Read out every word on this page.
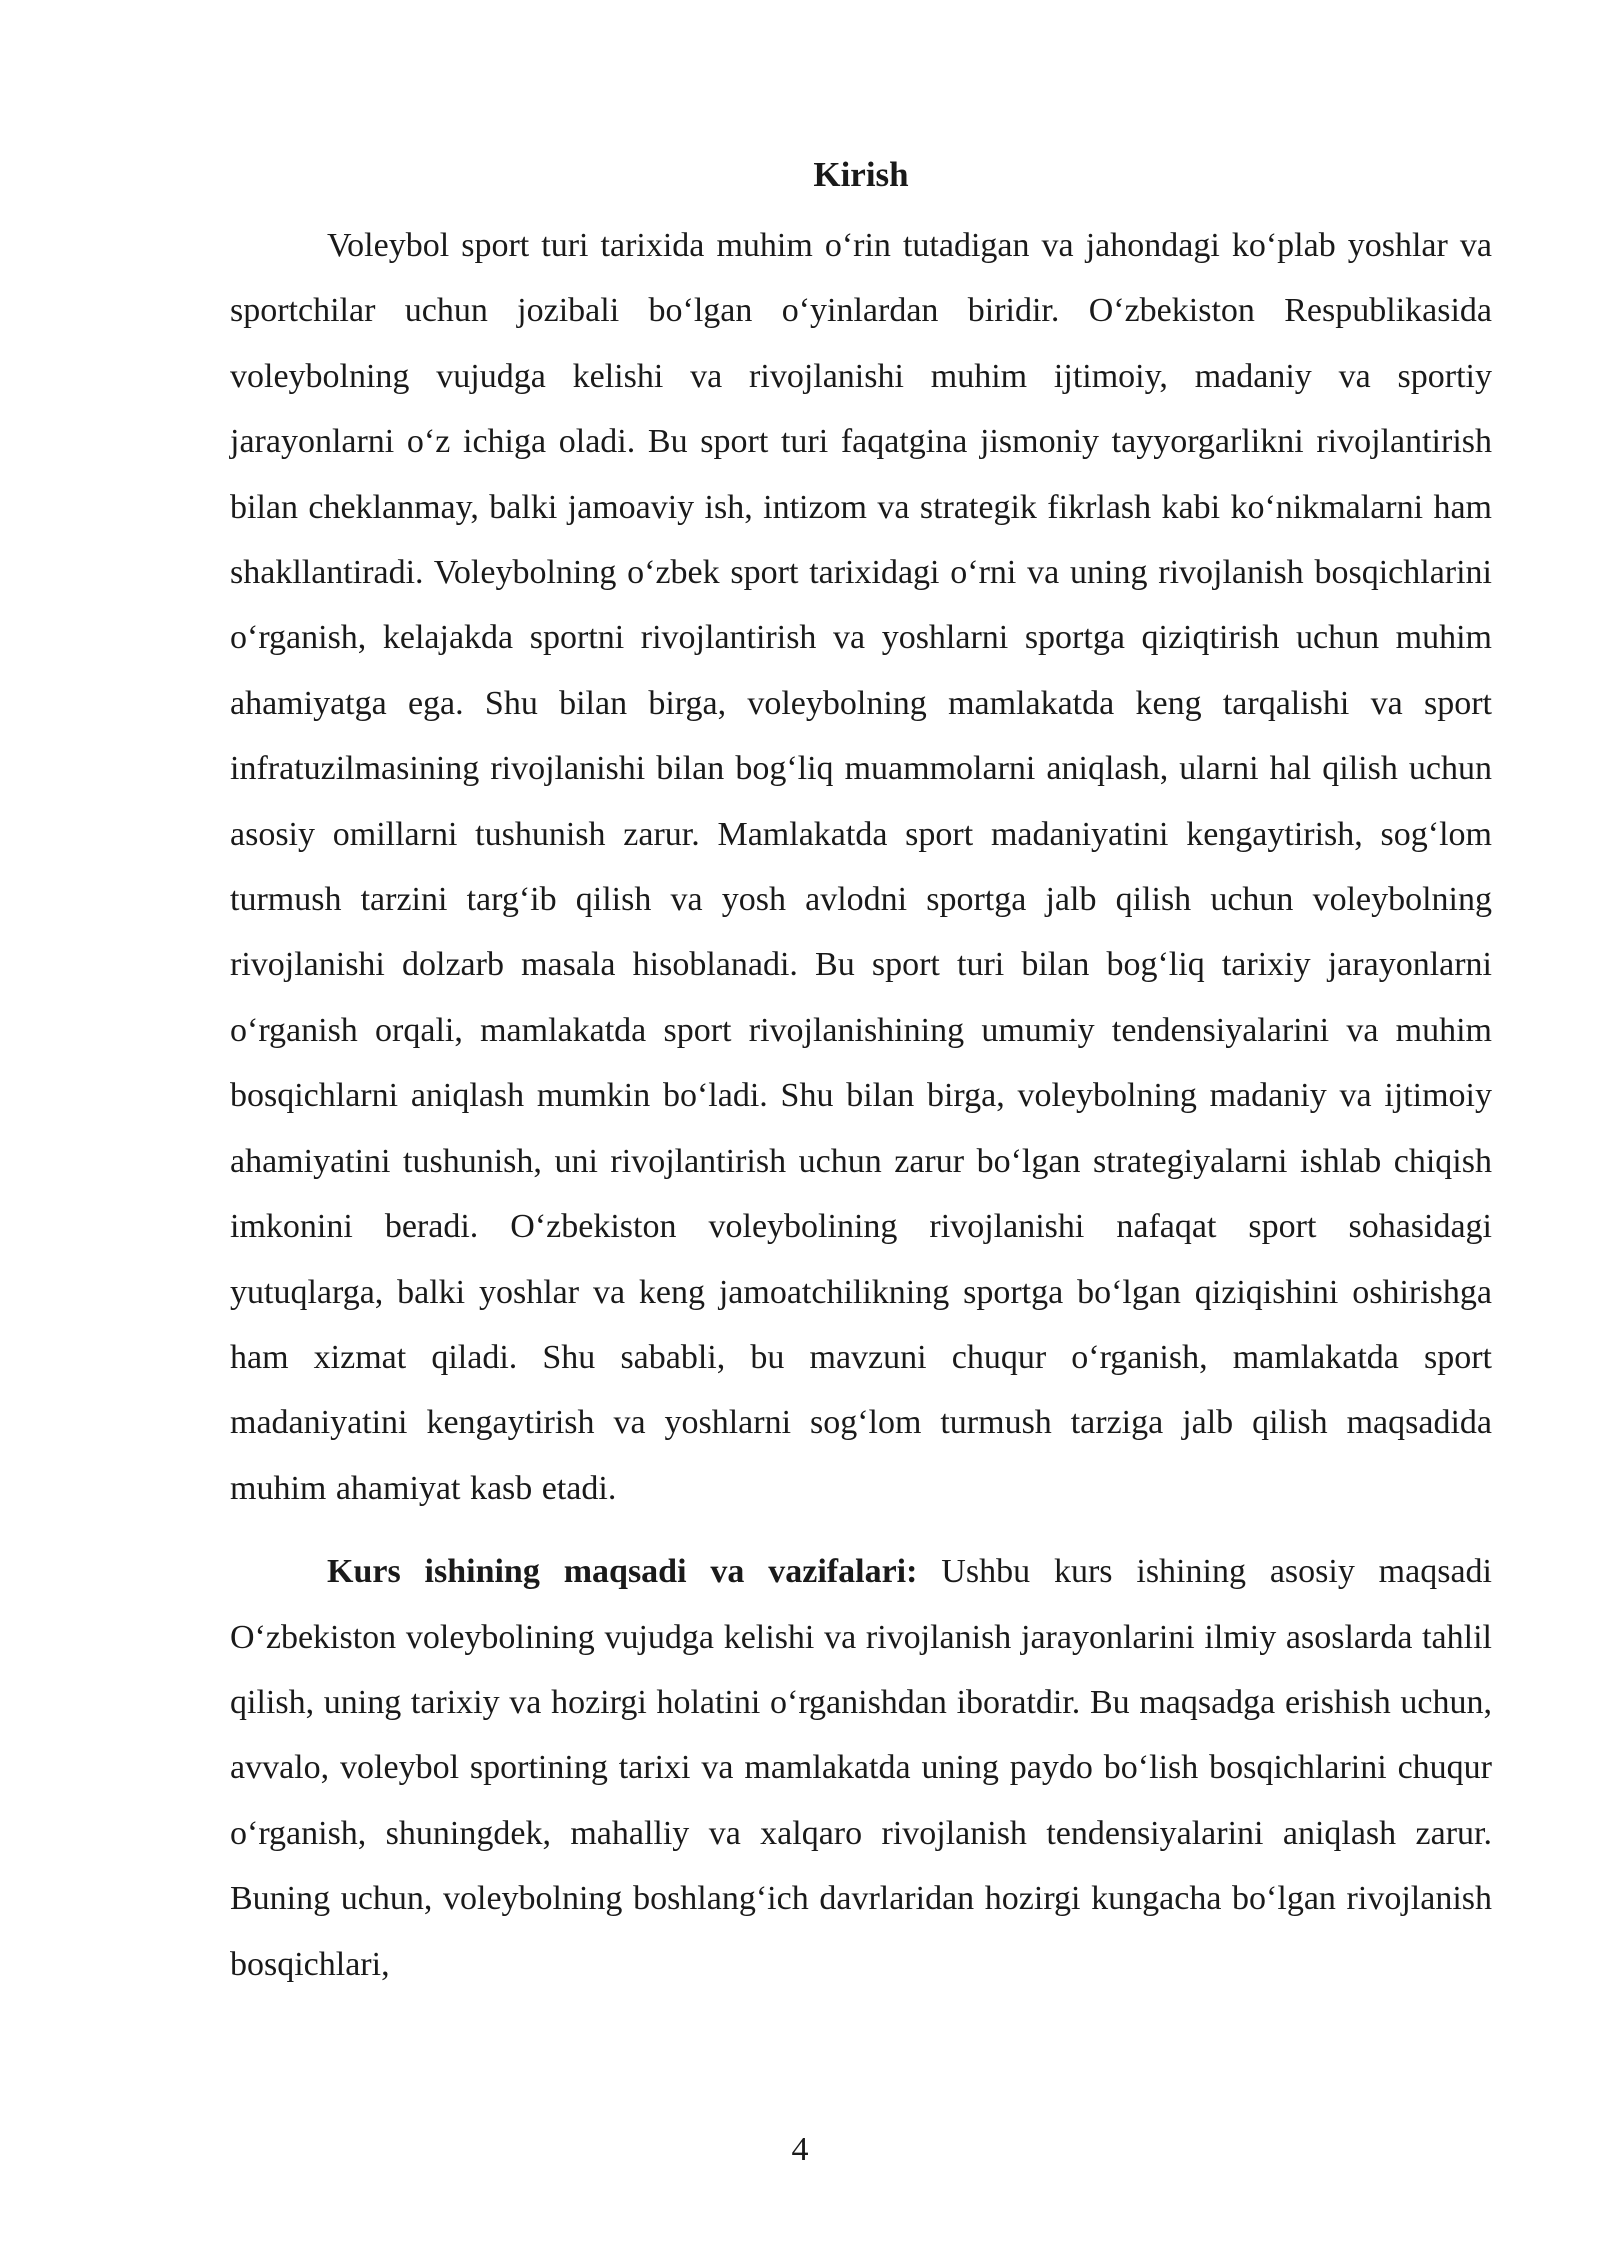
Kirish

Voleybol sport turi tarixida muhim o‘rin tutadigan va jahondagi ko‘plab yoshlar va sportchilar uchun jozibali bo‘lgan o‘yinlardan biridir. O‘zbekiston Respublikasida voleybolning vujudga kelishi va rivojlanishi muhim ijtimoiy, madaniy va sportiy jarayonlarni o‘z ichiga oladi. Bu sport turi faqatgina jismoniy tayyorgarlikni rivojlantirish bilan cheklanmay, balki jamoaviy ish, intizom va strategik fikrlash kabi ko‘nikmalarni ham shakllantiradi. Voleybolning o‘zbek sport tarixidagi o‘rni va uning rivojlanish bosqichlarini o‘rganish, kelajakda sportni rivojlantirish va yoshlarni sportga qiziqtirish uchun muhim ahamiyatga ega. Shu bilan birga, voleybolning mamlakatda keng tarqalishi va sport infratuzilmasining rivojlanishi bilan bog‘liq muammolarni aniqlash, ularni hal qilish uchun asosiy omillarni tushunish zarur. Mamlakatda sport madaniyatini kengaytirish, sog‘lom turmush tarzini targ‘ib qilish va yosh avlodni sportga jalb qilish uchun voleybolning rivojlanishi dolzarb masala hisoblanadi. Bu sport turi bilan bog‘liq tarixiy jarayonlarni o‘rganish orqali, mamlakatda sport rivojlanishining umumiy tendensiyalarini va muhim bosqichlarni aniqlash mumkin bo‘ladi. Shu bilan birga, voleybolning madaniy va ijtimoiy ahamiyatini tushunish, uni rivojlantirish uchun zarur bo‘lgan strategiyalarni ishlab chiqish imkonini beradi. O‘zbekiston voleybolining rivojlanishi nafaqat sport sohasidagi yutuqlarga, balki yoshlar va keng jamoatchilikning sportga bo‘lgan qiziqishini oshirishga ham xizmat qiladi. Shu sababli, bu mavzuni chuqur o‘rganish, mamlakatda sport madaniyatini kengaytirish va yoshlarni sog‘lom turmush tarziga jalb qilish maqsadida muhim ahamiyat kasb etadi.

Kurs ishining maqsadi va vazifalari: Ushbu kurs ishining asosiy maqsadi O‘zbekiston voleybolining vujudga kelishi va rivojlanish jarayonlarini ilmiy asoslarda tahlil qilish, uning tarixiy va hozirgi holatini o‘rganishdan iboratdir. Bu maqsadga erishish uchun, avvalo, voleybol sportining tarixi va mamlakatda uning paydo bo‘lish bosqichlarini chuqur o‘rganish, shuningdek, mahalliy va xalqaro rivojlanish tendensiyalarini aniqlash zarur. Buning uchun, voleybolning boshlang‘ich davrlaridan hozirgi kungacha bo‘lgan rivojlanish bosqichlari,

4
